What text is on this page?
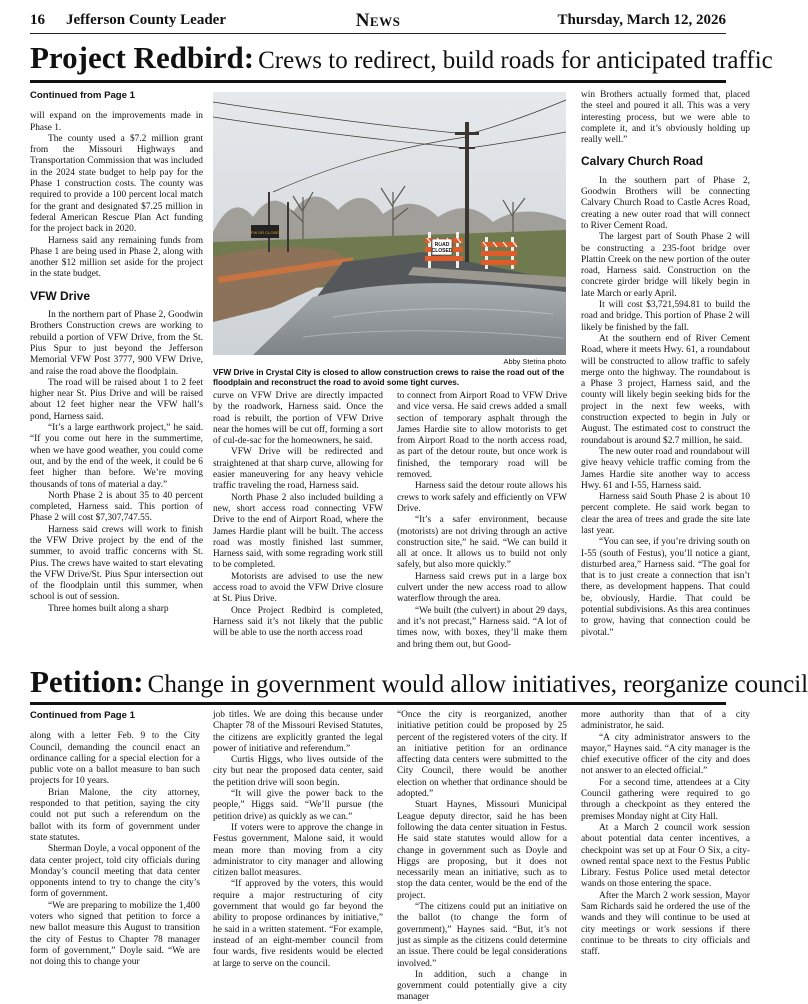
16 Jefferson County Leader	News	Thursday, March 12, 2026
Project Redbird: Crews to redirect, build roads for anticipated traffic
Continued from Page 1

will expand on the improvements made in Phase 1.

The county used a $7.2 million grant from the Missouri Highways and Transportation Commission that was included in the 2024 state budget to help pay for the Phase 1 construction costs. The county was required to provide a 100 percent local match for the grant and designated $7.25 million in federal American Rescue Plan Act funding for the project back in 2020.

Harness said any remaining funds from Phase 1 are being used in Phase 2, along with another $12 million set aside for the project in the state budget.

VFW Drive

In the northern part of Phase 2, Goodwin Brothers Construction crews are working to rebuild a portion of VFW Drive, from the St. Pius Spur to just beyond the Jefferson Memorial VFW Post 3777, 900 VFW Drive, and raise the road above the floodplain.

The road will be raised about 1 to 2 feet higher near St. Pius Drive and will be raised about 12 feet higher near the VFW hall’s pond, Harness said.

“It’s a large earthwork project,” he said. “If you come out here in the summertime, when we have good weather, you could come out, and by the end of the week, it could be 6 feet higher than before. We’re moving thousands of tons of material a day.”

North Phase 2 is about 35 to 40 percent completed, Harness said. This portion of Phase 2 will cost $7,307,747.55.

Harness said crews will work to finish the VFW Drive project by the end of the summer, to avoid traffic concerns with St. Pius. The crews have waited to start elevating the VFW Drive/St. Pius Spur intersection out of the floodplain until this summer, when school is out of session.

Three homes built along a sharp

VFW DR CLOSED
ROAD
CLOSED
Abby Stetina photo
VFW Drive in Crystal City is closed to allow construction crews to raise the road out of the floodplain and reconstruct the road to avoid some tight curves.

curve on VFW Drive are directly impacted by the roadwork, Harness said. Once the road is rebuilt, the portion of VFW Drive near the homes will be cut off, forming a sort of cul-de-sac for the homeowners, he said.

VFW Drive will be redirected and straightened at that sharp curve, allowing for easier maneuvering for any heavy vehicle traffic traveling the road, Harness said.

North Phase 2 also included building a new, short access road connecting VFW Drive to the end of Airport Road, where the James Hardie plant will be built. The access road was mostly finished last summer, Harness said, with some regrading work still to be completed.

Motorists are advised to use the new access road to avoid the VFW Drive closure at St. Pius Drive.

Once Project Redbird is completed, Harness said it’s not likely that the public will be able to use the north access road

to connect from Airport Road to VFW Drive and vice versa. He said crews added a small section of temporary asphalt through the James Hardie site to allow motorists to get from Airport Road to the north access road, as part of the detour route, but once work is finished, the temporary road will be removed.

Harness said the detour route allows his crews to work safely and efficiently on VFW Drive.

“It’s a safer environment, because (motorists) are not driving through an active construction site,” he said. “We can build it all at once. It allows us to build not only safely, but also more quickly.”

Harness said crews put in a large box culvert under the new access road to allow waterflow through the area.

“We built (the culvert) in about 29 days, and it’s not precast,” Harness said. “A lot of times now, with boxes, they’ll make them and bring them out, but Good-

win Brothers actually formed that, placed the steel and poured it all. This was a very interesting process, but we were able to complete it, and it’s obviously holding up really well.”

Calvary Church Road

In the southern part of Phase 2, Goodwin Brothers will be connecting Calvary Church Road to Castle Acres Road, creating a new outer road that will connect to River Cement Road.

The largest part of South Phase 2 will be constructing a 235-foot bridge over Plattin Creek on the new portion of the outer road, Harness said. Construction on the concrete girder bridge will likely begin in late March or early April.

It will cost $3,721,594.81 to build the road and bridge. This portion of Phase 2 will likely be finished by the fall.

At the southern end of River Cement Road, where it meets Hwy. 61, a roundabout will be constructed to allow traffic to safely merge onto the highway. The roundabout is a Phase 3 project, Harness said, and the county will likely begin seeking bids for the project in the next few weeks, with construction expected to begin in July or August. The estimated cost to construct the roundabout is around $2.7 million, he said.

The new outer road and roundabout will give heavy vehicle traffic coming from the James Hardie site another way to access Hwy. 61 and I-55, Harness said.

Harness said South Phase 2 is about 10 percent complete. He said work began to clear the area of trees and grade the site late last year.

“You can see, if you’re driving south on I-55 (south of Festus), you’ll notice a giant, disturbed area,” Harness said. “The goal for that is to just create a connection that isn’t there, as development happens. That could be, obviously, Hardie. That could be potential subdivisions. As this area continues to grow, having that connection could be pivotal.”

Petition: Change in government would allow initiatives, reorganize council
Continued from Page 1

along with a letter Feb. 9 to the City Council, demanding the council enact an ordinance calling for a special election for a public vote on a ballot measure to ban such projects for 10 years.

Brian Malone, the city attorney, responded to that petition, saying the city could not put such a referendum on the ballot with its form of government under state statutes.

Sherman Doyle, a vocal opponent of the data center project, told city officials during Monday’s council meeting that data center opponents intend to try to change the city’s form of government.

“We are preparing to mobilize the 1,400 voters who signed that petition to force a new ballot measure this August to transition the city of Festus to Chapter 78 manager form of government,” Doyle said. “We are not doing this to change your

job titles. We are doing this because under Chapter 78 of the Missouri Revised Statutes, the citizens are explicitly granted the legal power of initiative and referendum.”

Curtis Higgs, who lives outside of the city but near the proposed data center, said the petition drive will soon begin.

“It will give the power back to the people,” Higgs said. “We’ll pursue (the petition drive) as quickly as we can.”

If voters were to approve the change in Festus government, Malone said, it would mean more than moving from a city administrator to city manager and allowing citizen ballot measures.

“If approved by the voters, this would require a major restructuring of city government that would go far beyond the ability to propose ordinances by initiative,” he said in a written statement. “For example, instead of an eight-member council from four wards, five residents would be elected at large to serve on the council.

“Once the city is reorganized, another initiative petition could be proposed by 25 percent of the registered voters of the city. If an initiative petition for an ordinance affecting data centers were submitted to the City Council, there would be another election on whether that ordinance should be adopted.”

Stuart Haynes, Missouri Municipal League deputy director, said he has been following the data center situation in Festus. He said state statutes would allow for a change in government such as Doyle and Higgs are proposing, but it does not necessarily mean an initiative, such as to stop the data center, would be the end of the project.

“The citizens could put an initiative on the ballot (to change the form of government),” Haynes said. “But, it’s not just as simple as the citizens could determine an issue. There could be legal considerations involved.”

In addition, such a change in government could potentially give a city manager

more authority than that of a city administrator, he said.

“A city administrator answers to the mayor,” Haynes said. “A city manager is the chief executive officer of the city and does not answer to an elected official.”

For a second time, attendees at a City Council gathering were required to go through a checkpoint as they entered the premises Monday night at City Hall.

At a March 2 council work session about potential data center incentives, a checkpoint was set up at Four O Six, a city-owned rental space next to the Festus Public Library. Festus Police used metal detector wands on those entering the space.

After the March 2 work session, Mayor Sam Richards said he ordered the use of the wands and they will continue to be used at city meetings or work sessions if there continue to be threats to city officials and staff.
